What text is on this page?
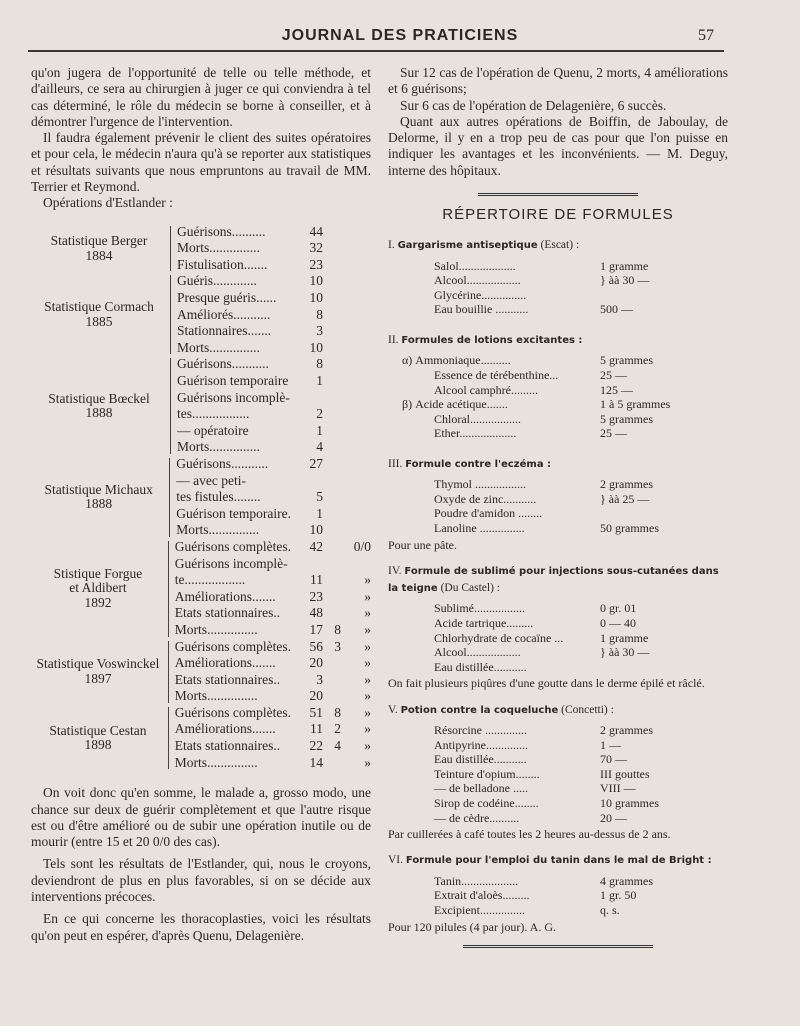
JOURNAL DES PRATICIENS	57

qu'on jugera de l'opportunité de telle ou telle méthode, et d'ailleurs, ce sera au chirurgien à juger ce qui conviendra à tel cas déterminé, le rôle du médecin se borne à conseiller, et à démontrer l'urgence de l'intervention.

Il faudra également prévenir le client des suites opératoires et pour cela, le médecin n'aura qu'à se reporter aux statistiques et résultats suivants que nous empruntons au travail de MM. Terrier et Reymond.

Opérations d'Estlander :

Statistique Berger
1884
Guérisons..........	44
Morts...............	32
Fistulisation.......	23
Statistique Cormach
1885
Guéris.............	10
Presque guéris......	10
Améliorés...........	8
Stationnaires.......	3
Morts...............	10
Statistique Bœckel
1888
Guérisons...........	8
Guérison temporaire	1
Guérisons incomplè-
tes.................	2
— opératoire	1
Morts...............	4
Statistique Michaux
1888
Guérisons...........	27
— avec peti-
tes fistules........	5
Guérison temporaire.	1
Morts...............	10
Stistique Forgue
et Aldibert
1892
Guérisons complètes.	42	0/0
Guérisons incomplè-
te..................	11	»
Améliorations.......	23	»
Etats stationnaires..	48	»
Morts...............	17 8	»
Statistique Voswinckel
1897
Guérisons complètes.	56 3	»
Améliorations.......	20	»
Etats stationnaires..	3	»
Morts...............	20	»
Statistique Cestan
1898
Guérisons complètes.	51 8	»
Améliorations.......	11 2	»
Etats stationnaires..	22 4	»
Morts...............	14	»

On voit donc qu'en somme, le malade a, grosso modo, une chance sur deux de guérir complètement et que l'autre risque est ou d'être amélioré ou de subir une opération inutile ou de mourir (entre 15 et 20 0/0 des cas).

Tels sont les résultats de l'Estlander, qui, nous le croyons, deviendront de plus en plus favorables, si on se décide aux interventions précoces.

En ce qui concerne les thoracoplasties, voici les résultats qu'on peut en espérer, d'après Quenu, Delagenière.

Sur 12 cas de l'opération de Quenu, 2 morts, 4 améliorations et 6 guérisons;

Sur 6 cas de l'opération de Delagenière, 6 succès.

Quant aux autres opérations de Boiffin, de Jaboulay, de Delorme, il y en a trop peu de cas pour que l'on puisse en indiquer les avantages et les inconvénients. — M. Deguy, interne des hôpitaux.

RÉPERTOIRE DE FORMULES
I. Gargarisme antiseptique (Escat) :
Salol...................	1 gramme
Alcool..................	} àà 30 —
Glycérine...............
Eau bouillie ...........	500 —
II. Formules de lotions excitantes :
α) Ammoniaque..........	5 grammes
Essence de térébenthine...	25 —
Alcool camphré.........	125 —
β) Acide acétique.......	1 à 5 grammes
Chloral.................	5 grammes
Ether...................	25 —
III. Formule contre l'eczéma :
Thymol .................	2 grammes
Oxyde de zinc...........	} àà 25 —
Poudre d'amidon ........
Lanoline ...............	50 grammes
Pour une pâte.
IV. Formule de sublimé pour injections sous-cutanées dans la teigne (Du Castel) :
Sublimé.................	0 gr. 01
Acide tartrique.........	0 — 40
Chlorhydrate de cocaïne ...	1 gramme
Alcool..................	} àà 30 —
Eau distillée...........
On fait plusieurs piqûres d'une goutte dans le derme épilé et râclé.
V. Potion contre la coqueluche (Concetti) :
Résorcine ..............	2 grammes
Antipyrine..............	1 —
Eau distillée...........	70 —
Teinture d'opium........	III gouttes
— de belladone .....	VIII —
Sirop de codéine........	10 grammes
— de cèdre..........	20 —
Par cuillerées à café toutes les 2 heures au-dessus de 2 ans.
VI. Formule pour l'emploi du tanin dans le mal de Bright :
Tanin...................	4 grammes
Extrait d'aloès.........	1 gr. 50
Excipient...............	q. s.
Pour 120 pilules (4 par jour). A. G.
